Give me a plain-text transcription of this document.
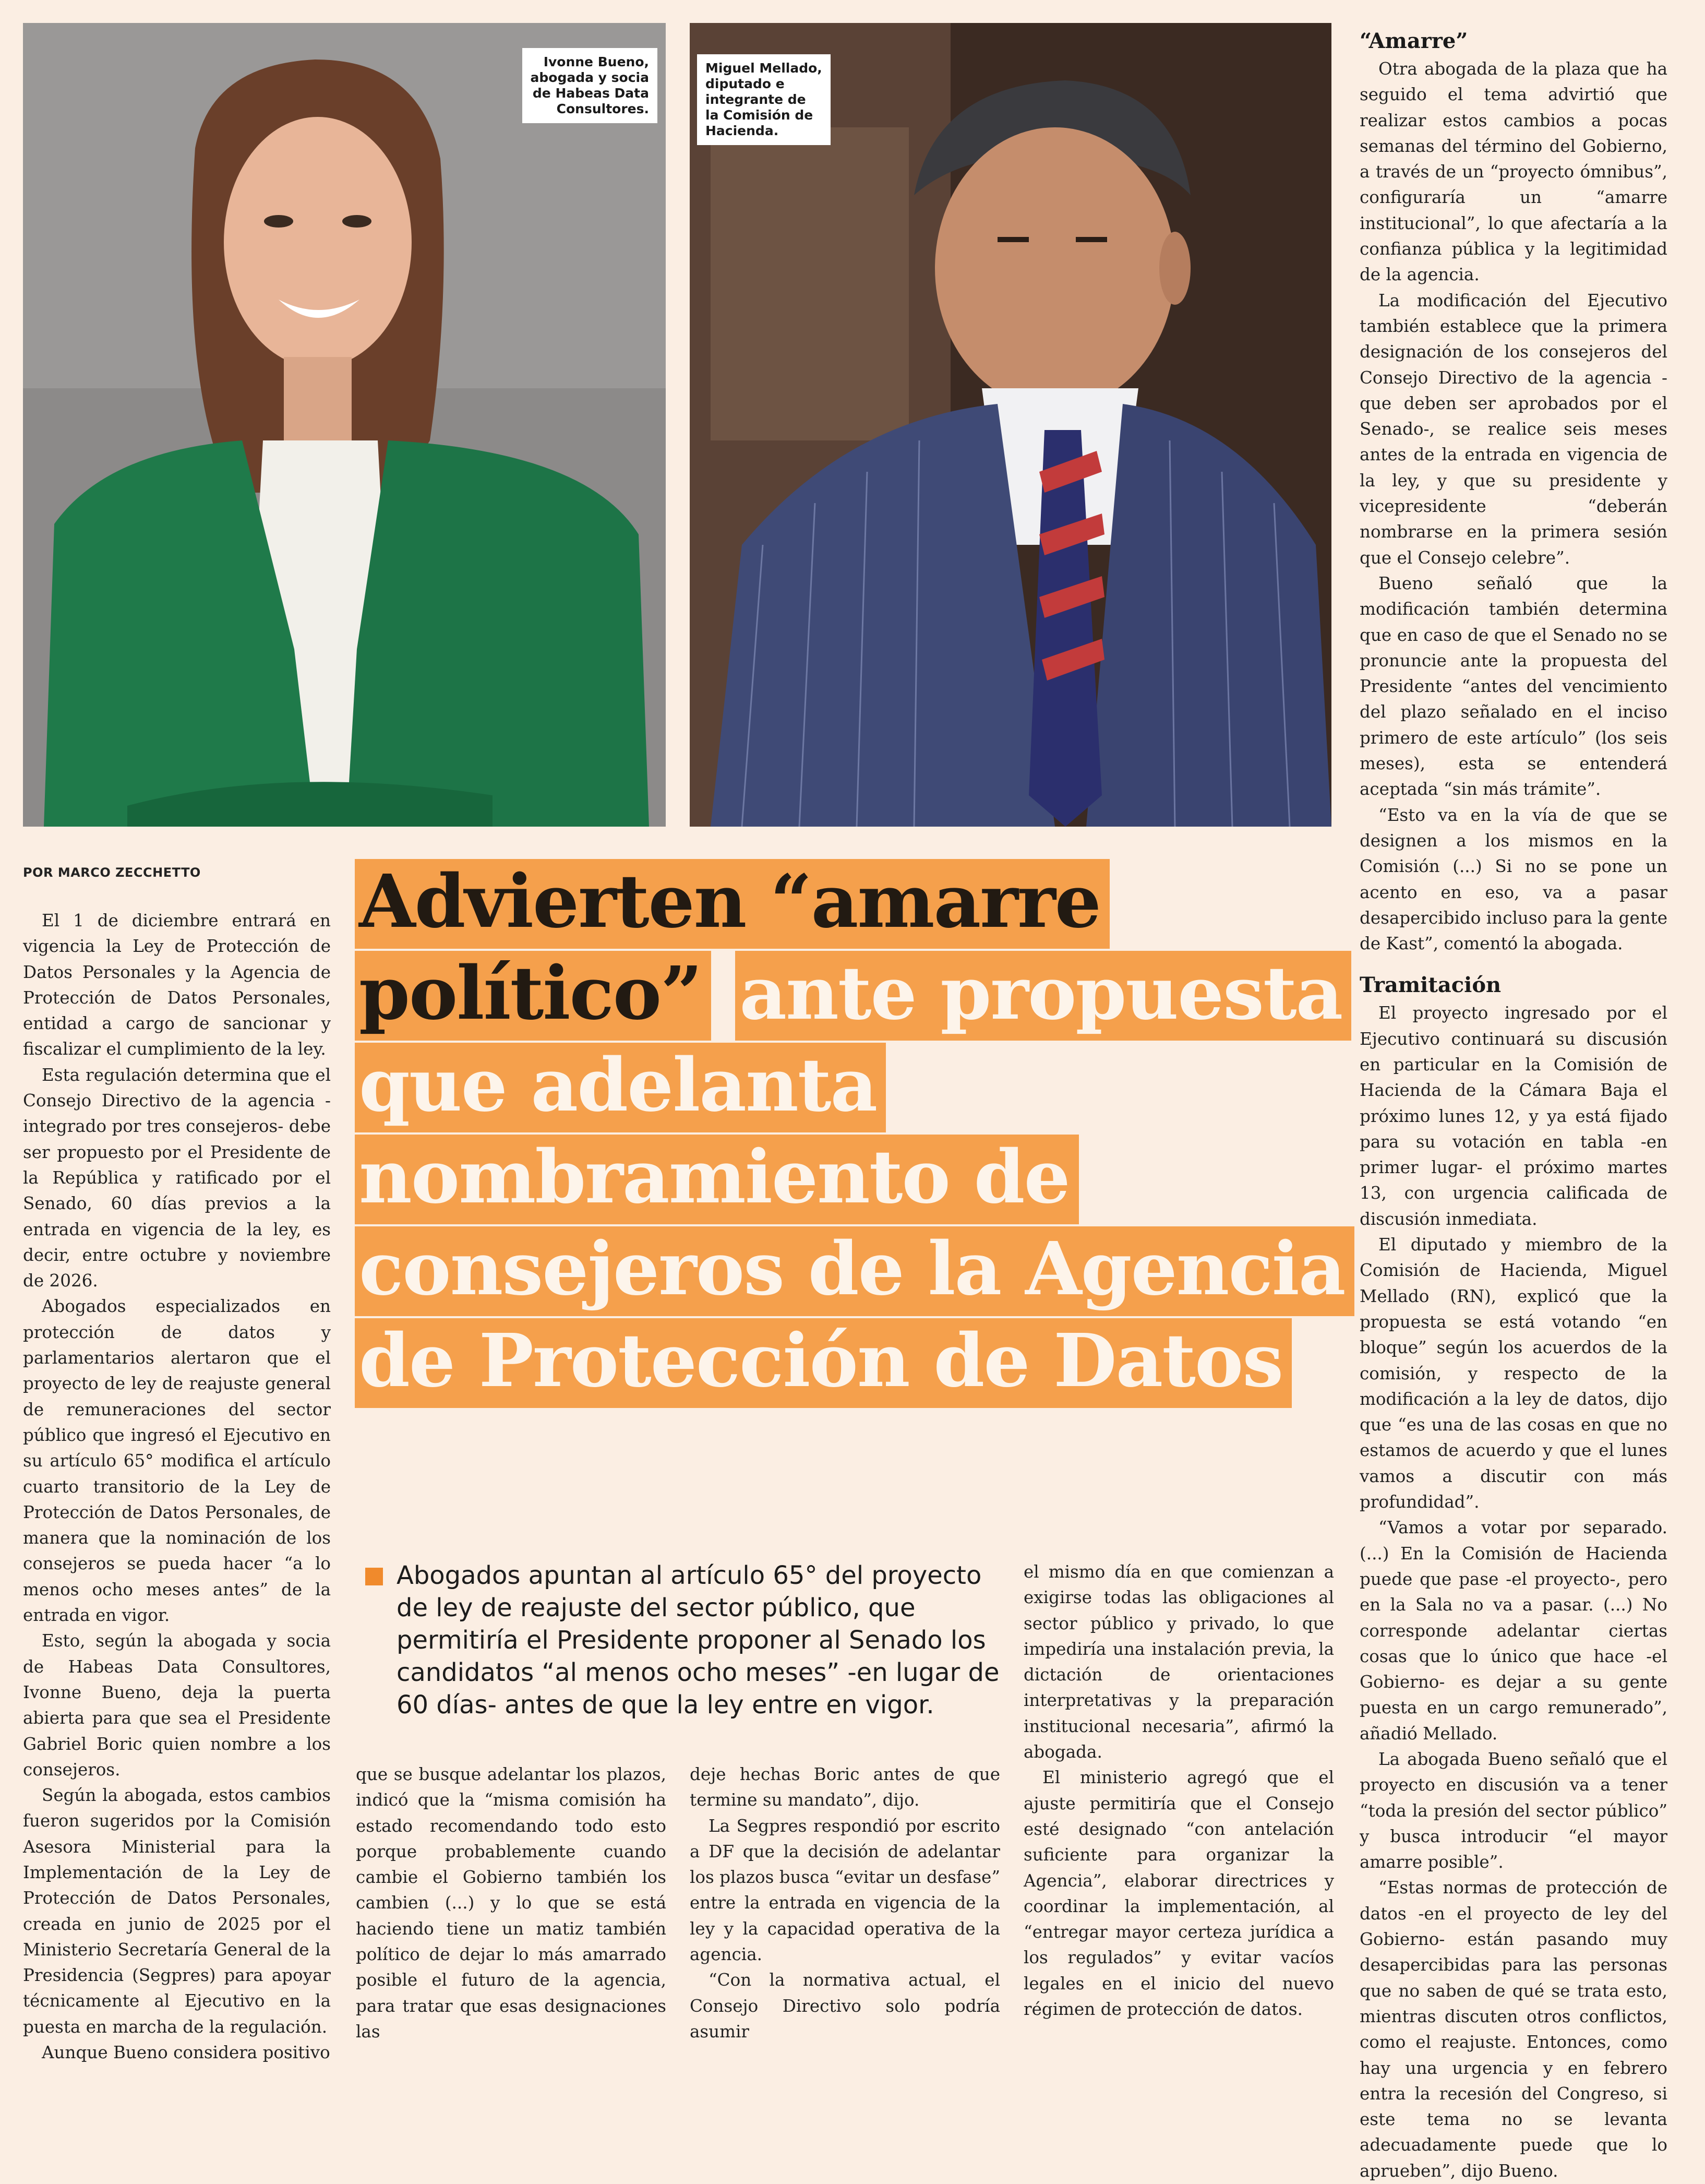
Ivonne Bueno,
abogada y socia
de Habeas Data
Consultores.
Miguel Mellado,
diputado e
integrante de
la Comisión de
Hacienda.
POR MARCO ZECCHETTO Advierten “amarre político” ante propuesta que adelanta nombramiento de consejeros de la Agencia de Protección de Datos
Abogados apuntan al artículo 65° del proyecto de ley de reajuste del sector público, que permitiría el Presidente proponer al Senado los candidatos “al menos ocho meses” -en lugar de 60 días- antes de que la ley entre en vigor.

El 1 de diciembre entrará en vigencia la Ley de Protección de Datos Personales y la Agencia de Protección de Datos Personales, entidad a cargo de sancionar y fiscalizar el cumplimiento de la ley.

Esta regulación determina que el Consejo Directivo de la agencia -integrado por tres consejeros- debe ser propuesto por el Presidente de la República y ratificado por el Senado, 60 días previos a la entrada en vigencia de la ley, es decir, entre octubre y noviembre de 2026.

Abogados especializados en protección de datos y parlamentarios alertaron que el proyecto de ley de reajuste general de remuneraciones del sector público que ingresó el Ejecutivo en su artículo 65° modifica el artículo cuarto transitorio de la Ley de Protección de Datos Personales, de manera que la nominación de los consejeros se pueda hacer “a lo menos ocho meses antes” de la entrada en vigor.

Esto, según la abogada y socia de Habeas Data Consultores, Ivonne Bueno, deja la puerta abierta para que sea el Presidente Gabriel Boric quien nombre a los consejeros.

Según la abogada, estos cambios fueron sugeridos por la Comisión Asesora Ministerial para la Implementación de la Ley de Protección de Datos Personales, creada en junio de 2025 por el Ministerio Secretaría General de la Presidencia (Segpres) para apoyar técnicamente al Ejecutivo en la puesta en marcha de la regulación.

Aunque Bueno considera positivo

que se busque adelantar los plazos, indicó que la “misma comisión ha estado recomendando todo esto porque probablemente cuando cambie el Gobierno también los cambien (...) y lo que se está haciendo tiene un matiz también político de dejar lo más amarrado posible el futuro de la agencia, para tratar que esas designaciones las

deje hechas Boric antes de que termine su mandato”, dijo.

La Segpres respondió por escrito a DF que la decisión de adelantar los plazos busca “evitar un desfase” entre la entrada en vigencia de la ley y la capacidad operativa de la agencia.

“Con la normativa actual, el Consejo Directivo solo podría asumir

el mismo día en que comienzan a exigirse todas las obligaciones al sector público y privado, lo que impediría una instalación previa, la dictación de orientaciones interpretativas y la preparación institucional necesaria”, afirmó la abogada.

El ministerio agregó que el ajuste permitiría que el Consejo esté designado “con antelación suficiente para organizar la Agencia”, elaborar directrices y coordinar la implementación, al “entregar mayor certeza jurídica a los regulados” y evitar vacíos legales en el inicio del nuevo régimen de protección de datos.

“Amarre”

Otra abogada de la plaza que ha seguido el tema advirtió que realizar estos cambios a pocas semanas del término del Gobierno, a través de un “proyecto ómnibus”, configuraría un “amarre institucional”, lo que afectaría a la confianza pública y la legitimidad de la agencia.

La modificación del Ejecutivo también establece que la primera designación de los consejeros del Consejo Directivo de la agencia -que deben ser aprobados por el Senado-, se realice seis meses antes de la entrada en vigencia de la ley, y que su presidente y vicepresidente “deberán nombrarse en la primera sesión que el Consejo celebre”.

Bueno señaló que la modificación también determina que en caso de que el Senado no se pronuncie ante la propuesta del Presidente “antes del vencimiento del plazo señalado en el inciso primero de este artículo” (los seis meses), esta se entenderá aceptada “sin más trámite”.

“Esto va en la vía de que se designen a los mismos en la Comisión (...) Si no se pone un acento en eso, va a pasar desapercibido incluso para la gente de Kast”, comentó la abogada.

Tramitación

El proyecto ingresado por el Ejecutivo continuará su discusión en particular en la Comisión de Hacienda de la Cámara Baja el próximo lunes 12, y ya está fijado para su votación en tabla -en primer lugar- el próximo martes 13, con urgencia calificada de discusión inmediata.

El diputado y miembro de la Comisión de Hacienda, Miguel Mellado (RN), explicó que la propuesta se está votando “en bloque” según los acuerdos de la comisión, y respecto de la modificación a la ley de datos, dijo que “es una de las cosas en que no estamos de acuerdo y que el lunes vamos a discutir con más profundidad”.

“Vamos a votar por separado. (...) En la Comisión de Hacienda puede que pase -el proyecto-, pero en la Sala no va a pasar. (...) No corresponde adelantar ciertas cosas que lo único que hace -el Gobierno- es dejar a su gente puesta en un cargo remunerado”, añadió Mellado.

La abogada Bueno señaló que el proyecto en discusión va a tener “toda la presión del sector público” y busca introducir “el mayor amarre posible”.

“Estas normas de protección de datos -en el proyecto de ley del Gobierno- están pasando muy desapercibidas para las personas que no saben de qué se trata esto, mientras discuten otros conflictos, como el reajuste. Entonces, como hay una urgencia y en febrero entra la recesión del Congreso, si este tema no se levanta adecuadamente puede que lo aprueben”, dijo Bueno.
